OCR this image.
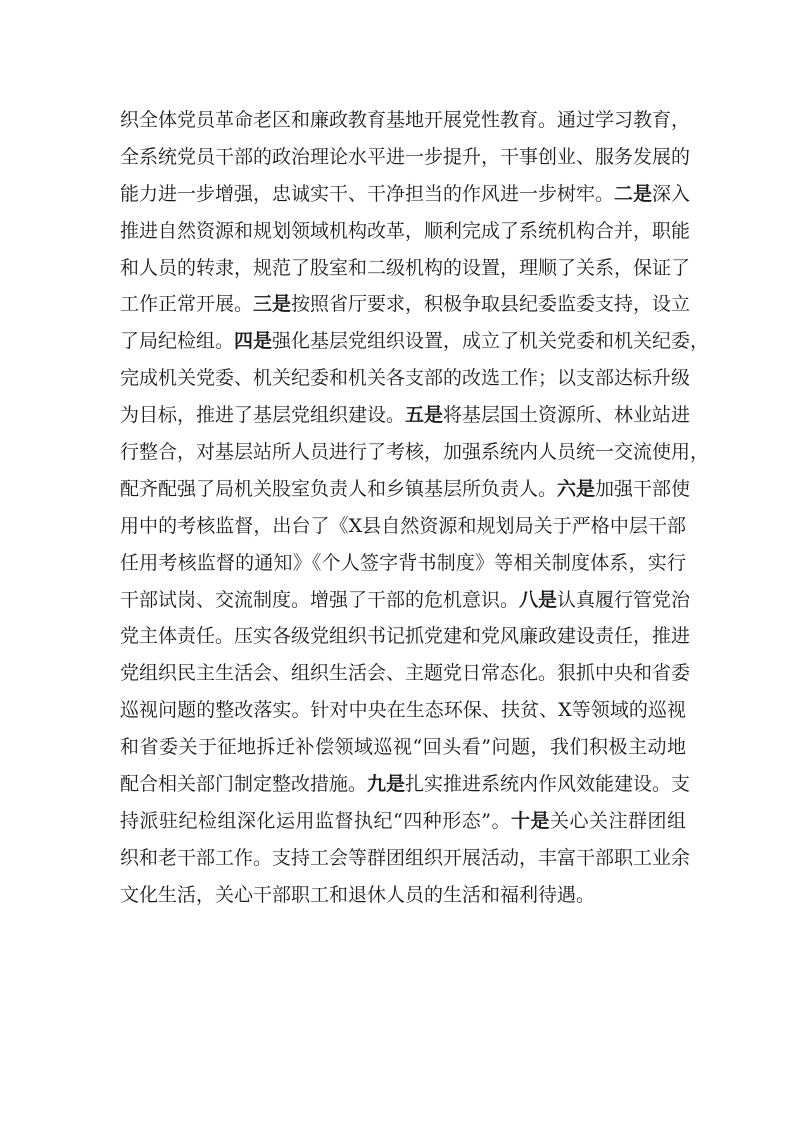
织全体党员革命老区和廉政教育基地开展党性教育。通过学习教育，
全系统党员干部的政治理论水平进一步提升，干事创业、服务发展的
能力进一步增强，忠诚实干、干净担当的作风进一步树牢。二是深入
推进自然资源和规划领域机构改革，顺利完成了系统机构合并，职能
和人员的转隶，规范了股室和二级机构的设置，理顺了关系，保证了
工作正常开展。三是按照省厅要求，积极争取县纪委监委支持，设立
了局纪检组。四是强化基层党组织设置，成立了机关党委和机关纪委，
完成机关党委、机关纪委和机关各支部的改选工作；以支部达标升级
为目标，推进了基层党组织建设。五是将基层国土资源所、林业站进
行整合，对基层站所人员进行了考核，加强系统内人员统一交流使用，
配齐配强了局机关股室负责人和乡镇基层所负责人。六是加强干部使
用中的考核监督，出台了《X县自然资源和规划局关于严格中层干部
任用考核监督的通知》《个人签字背书制度》等相关制度体系，实行
干部试岗、交流制度。增强了干部的危机意识。八是认真履行管党治
党主体责任。压实各级党组织书记抓党建和党风廉政建设责任，推进
党组织民主生活会、组织生活会、主题党日常态化。狠抓中央和省委
巡视问题的整改落实。针对中央在生态环保、扶贫、X等领域的巡视
和省委关于征地拆迁补偿领域巡视“回头看”问题，我们积极主动地
配合相关部门制定整改措施。九是扎实推进系统内作风效能建设。支
持派驻纪检组深化运用监督执纪“四种形态”。十是关心关注群团组
织和老干部工作。支持工会等群团组织开展活动，丰富干部职工业余
文化生活，关心干部职工和退休人员的生活和福利待遇。
